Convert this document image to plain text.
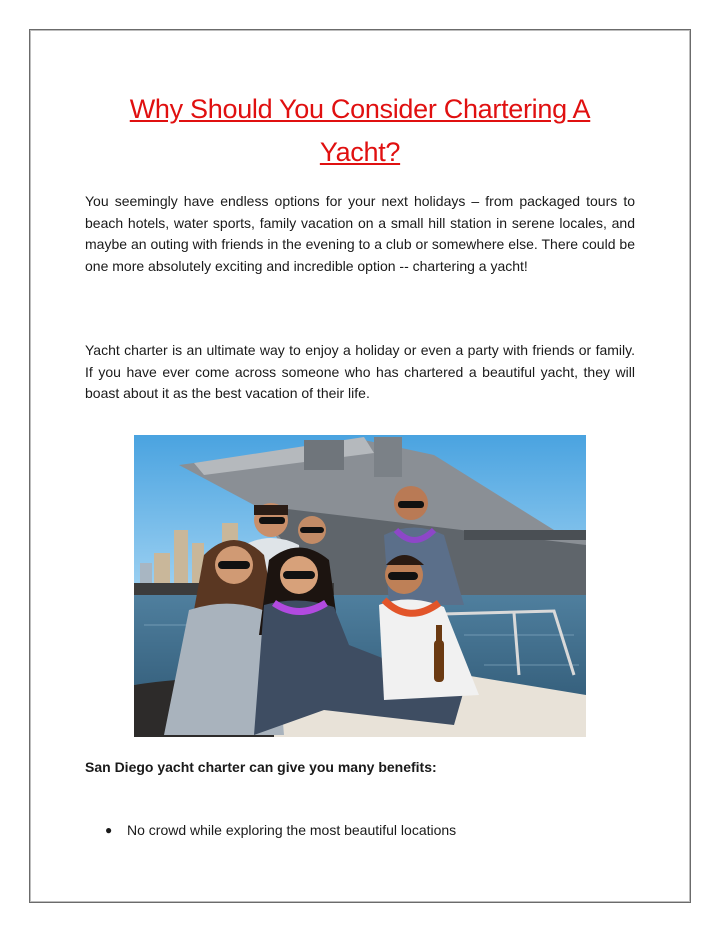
Why Should You Consider Chartering A
Yacht?

You seemingly have endless options for your next holidays – from packaged tours to beach hotels, water sports, family vacation on a small hill station in serene locales, and maybe an outing with friends in the evening to a club or somewhere else. There could be one more absolutely exciting and incredible option -- chartering a yacht!

Yacht charter is an ultimate way to enjoy a holiday or even a party with friends or family. If you have ever come across someone who has chartered a beautiful yacht, they will boast about it as the best vacation of their life.

San Diego yacht charter can give you many benefits:

●	No crowd while exploring the most beautiful locations
